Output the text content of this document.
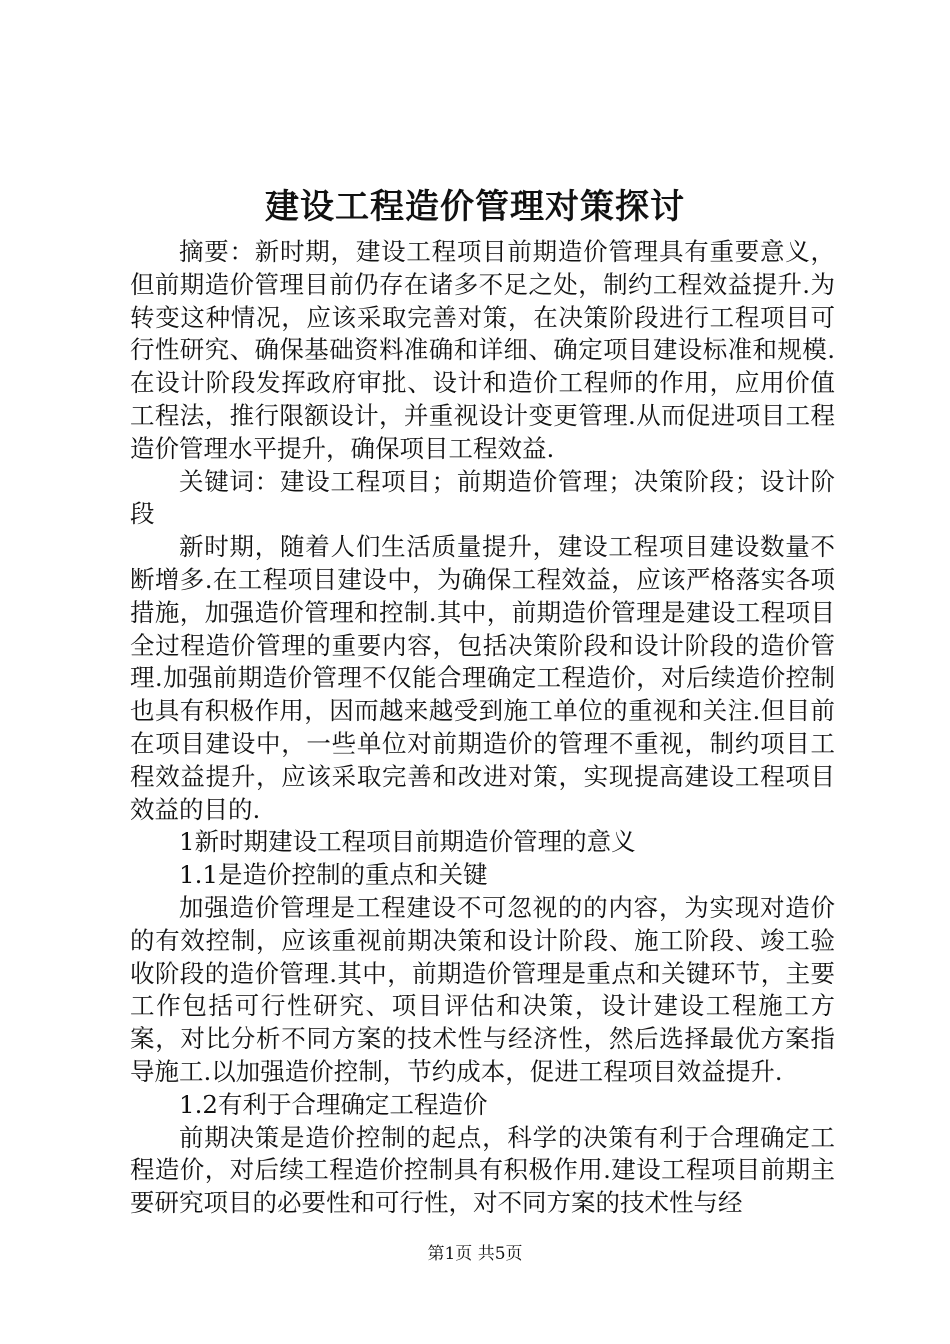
建设工程造价管理对策探讨

摘要：新时期，建设工程项目前期造价管理具有重要意义，但前期造价管理目前仍存在诸多不足之处，制约工程效益提升.为转变这种情况，应该采取完善对策，在决策阶段进行工程项目可行性研究、确保基础资料准确和详细、确定项目建设标准和规模.在设计阶段发挥政府审批、设计和造价工程师的作用，应用价值工程法，推行限额设计，并重视设计变更管理.从而促进项目工程造价管理水平提升，确保项目工程效益.

关键词：建设工程项目；前期造价管理；决策阶段；设计阶段

新时期，随着人们生活质量提升，建设工程项目建设数量不断增多.在工程项目建设中，为确保工程效益，应该严格落实各项措施，加强造价管理和控制.其中，前期造价管理是建设工程项目全过程造价管理的重要内容，包括决策阶段和设计阶段的造价管理.加强前期造价管理不仅能合理确定工程造价，对后续造价控制也具有积极作用，因而越来越受到施工单位的重视和关注.但目前在项目建设中，一些单位对前期造价的管理不重视，制约项目工程效益提升，应该采取完善和改进对策，实现提高建设工程项目效益的目的.

1新时期建设工程项目前期造价管理的意义

1.1是造价控制的重点和关键

加强造价管理是工程建设不可忽视的的内容，为实现对造价的有效控制，应该重视前期决策和设计阶段、施工阶段、竣工验收阶段的造价管理.其中，前期造价管理是重点和关键环节，主要工作包括可行性研究、项目评估和决策，设计建设工程施工方案，对比分析不同方案的技术性与经济性，然后选择最优方案指导施工.以加强造价控制，节约成本，促进工程项目效益提升.

1.2有利于合理确定工程造价

前期决策是造价控制的起点，科学的决策有利于合理确定工程造价，对后续工程造价控制具有积极作用.建设工程项目前期主要研究项目的必要性和可行性，对不同方案的技术性与经

第1页 共5页
